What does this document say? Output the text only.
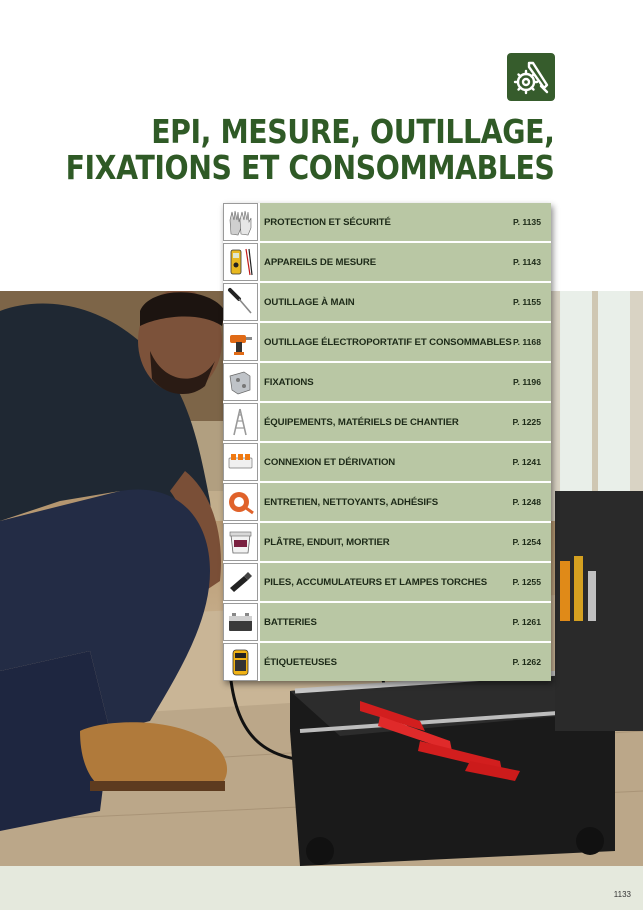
EPI, MESURE, OUTILLAGE,
FIXATIONS ET CONSOMMABLES
PROTECTION ET SÉCURITÉ	P. 1135
APPAREILS DE MESURE	P. 1143
OUTILLAGE À MAIN	P. 1155
OUTILLAGE ÉLECTROPORTATIF ET CONSOMMABLES P. 1168
FIXATIONS	P. 1196
ÉQUIPEMENTS, MATÉRIELS DE CHANTIER	P. 1225
CONNEXION ET DÉRIVATION	P. 1241
ENTRETIEN, NETTOYANTS, ADHÉSIFS	P. 1248
PLÂTRE, ENDUIT, MORTIER	P. 1254
PILES, ACCUMULATEURS ET LAMPES TORCHES	P. 1255
BATTERIES	P. 1261
ÉTIQUETEUSES	P. 1262
1133
